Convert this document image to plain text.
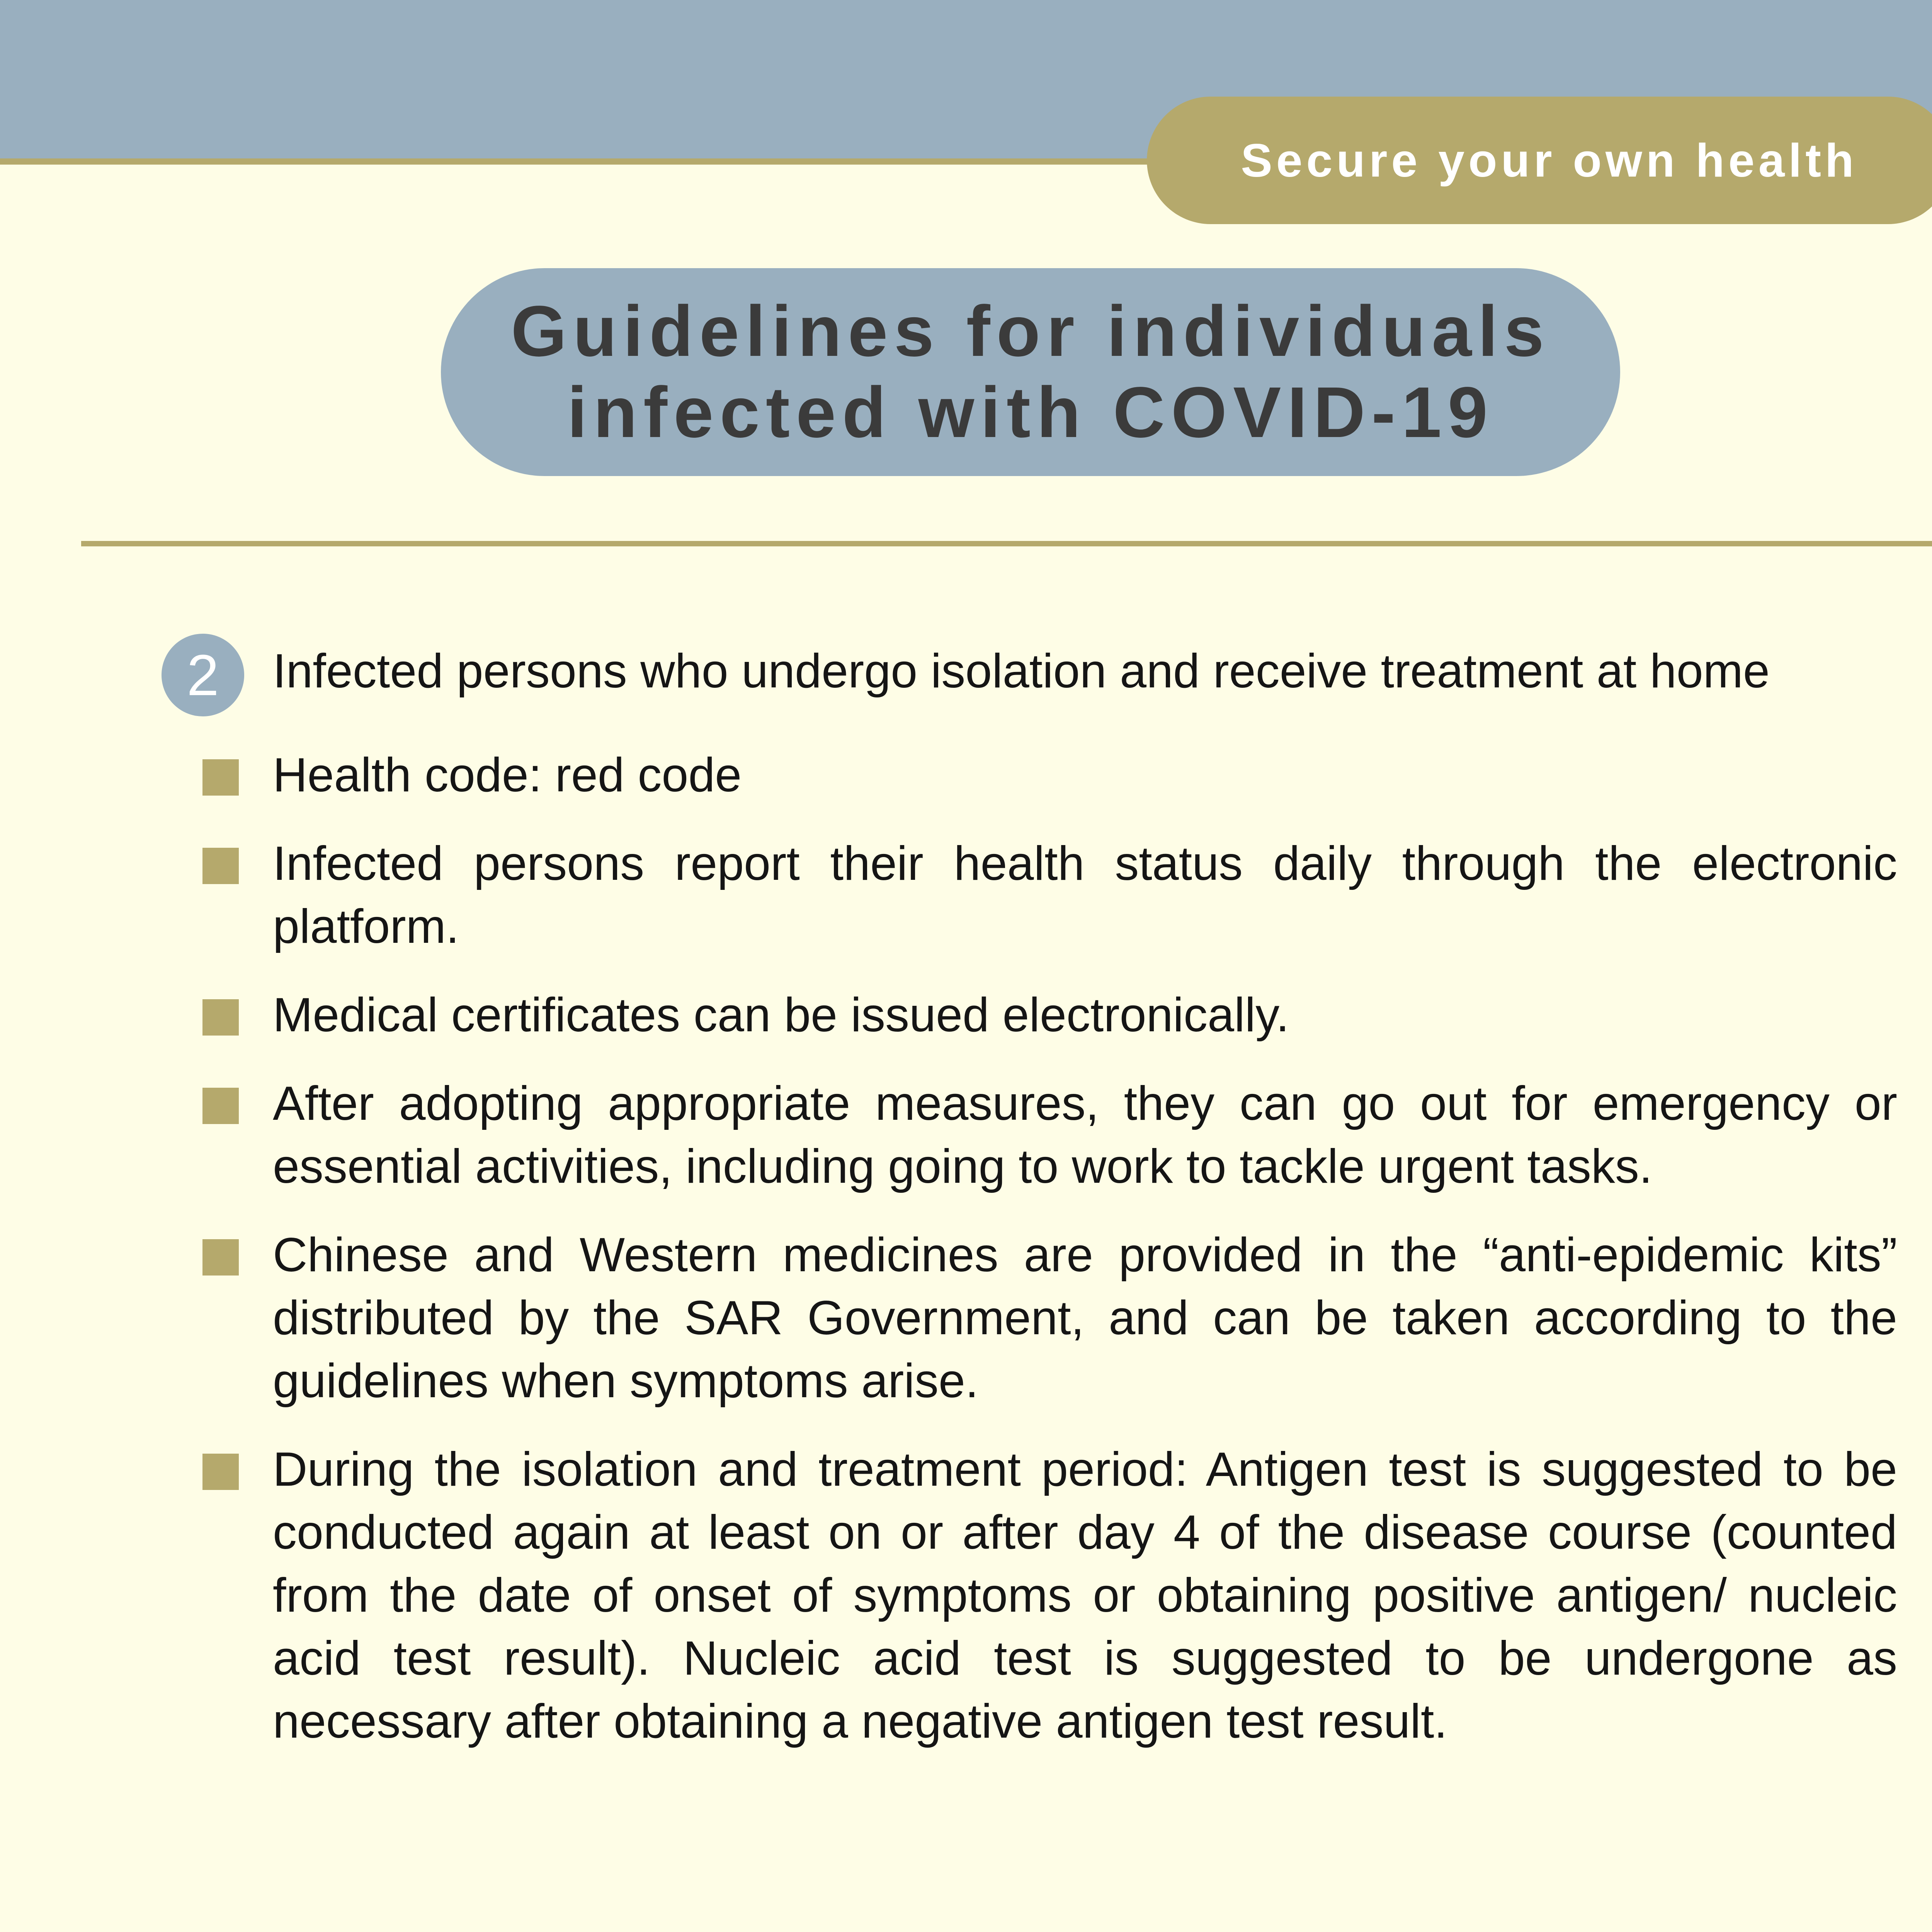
Secure your own health
Guidelines for individuals
infected with COVID-19
2	Infected persons who undergo isolation and receive treatment at home
Health code: red code
Infected persons report their health status daily through the electronic platform.
Medical certificates can be issued electronically.
After adopting appropriate measures, they can go out for emergency or essential activities, including going to work to tackle urgent tasks.
Chinese and Western medicines are provided in the “anti-epidemic kits” distributed by the SAR Government, and can be taken according to the guidelines when symptoms arise.
During the isolation and treatment period: Antigen test is suggested to be conducted again at least on or after day 4 of the disease course (counted from the date of onset of symptoms or obtaining positive antigen/ nucleic acid test result). Nucleic acid test is suggested to be undergone as necessary after obtaining a negative antigen test result.
